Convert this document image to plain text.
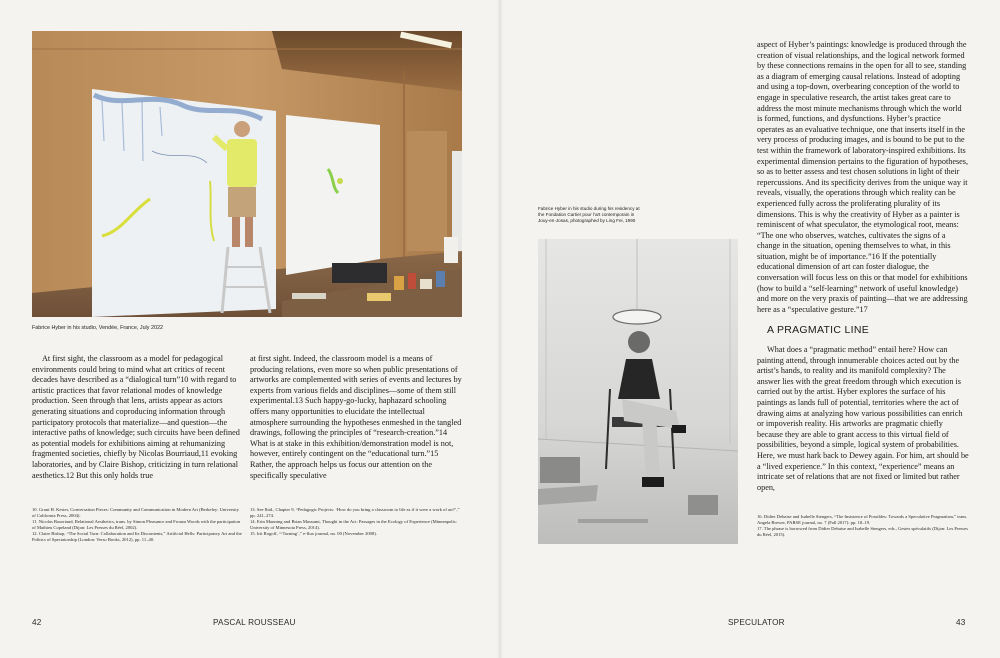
Fabrice Hyber in his studio, Vendée, France, July 2022

At first sight, the classroom as a model for pedagogical environments could bring to mind what art critics of recent decades have described as a “dialogical turn”10 with regard to artistic practices that favor relational modes of knowledge production. Seen through that lens, artists appear as actors generating situations and coproducing information through participatory protocols that materialize—and question—the interactive paths of knowledge; such circuits have been defined as potential models for exhibitions aiming at rehumanizing fragmented societies, chiefly by Nicolas Bourriaud,11 evoking laboratories, and by Claire Bishop, criticizing in turn relational aesthetics.12 But this only holds true

at first sight. Indeed, the classroom model is a means of producing relations, even more so when public presentations of artworks are complemented with series of events and lectures by experts from various fields and disciplines—some of them still experimental.13 Such happy-go-lucky, haphazard schooling offers many opportunities to elucidate the intellectual atmosphere surrounding the hypotheses enmeshed in the tangled drawings, following the principles of “research-creation.”14 What is at stake in this exhibition/demonstration model is not, however, entirely contingent on the “educational turn.”15 Rather, the approach helps us focus our attention on the specifically speculative

10. Grant H. Kester, Conversation Pieces: Community and Communication in Modern Art (Berkeley: University of California Press, 2004).

11. Nicolas Bourriaud, Relational Aesthetics, trans. by Simon Pleasance and Fronza Woods with the participation of Mathieu Copeland (Dijon: Les Presses du Réel, 2002).

12. Claire Bishop, “The Social Turn: Collaboration and Its Discontents,” Artificial Hells: Participatory Art and the Politics of Spectatorship (London: Verso Books, 2012), pp. 11–40.

13. See Ibid., Chapter 9, “Pedagogic Projects: ‘How do you bring a classroom to life as if it were a work of art?’,” pp. 241–274.

14. Erin Manning and Brian Massumi, Thought in the Act: Passages in the Ecology of Experience (Minneapolis: University of Minnesota Press, 2014).

15. Irit Rogoff, “‘Turning’,” e-flux journal, no. 00 (November 2008).

42	PASCAL ROUSSEAU
Fabrice Hyber in his studio during his residency at the Fondation Cartier pour l’art contemporain in Jouy-en-Josas, photographed by Ling Fei, 1990

aspect of Hyber’s paintings: knowledge is produced through the creation of visual relationships, and the logical network formed by these connections remains in the open for all to see, standing as a diagram of emerging causal relations. Instead of adopting and using a top-down, overbearing conception of the world to engage in speculative research, the artist takes great care to address the most minute mechanisms through which the world is formed, functions, and dysfunctions. Hyber’s practice operates as an evaluative technique, one that inserts itself in the very process of producing images, and is bound to be put to the test within the framework of laboratory-inspired exhibitions. Its experimental dimension pertains to the figuration of hypotheses, so as to better assess and test chosen solutions in light of their repercussions. And its specificity derives from the unique way it reveals, visually, the operations through which reality can be experienced fully across the proliferating plurality of its dimensions. This is why the creativity of Hyber as a painter is reminiscent of what speculator, the etymological root, means: “The one who observes, watches, cultivates the signs of a change in the situation, opening themselves to what, in this situation, might be of importance.”16 If the potentially educational dimension of art can foster dialogue, the conversation will focus less on this or that model for exhibitions (how to build a “self-learning” network of useful knowledge) and more on the very praxis of painting—that we are addressing here as a “speculative gesture.”17

A PRAGMATIC LINE

What does a “pragmatic method” entail here? How can painting attend, through innumerable choices acted out by the artist’s hands, to reality and its manifold complexity? The answer lies with the great freedom through which execution is carried out by the artist. Hyber explores the surface of his paintings as lands full of potential, territories where the act of drawing aims at analyzing how various possibilities can enrich or impoverish reality. His artworks are pragmatic chiefly because they are able to grant access to this virtual field of possibilities, beyond a simple, logical system of probabilities. Here, we must hark back to Dewey again. For him, art should be a “lived experience.” In this context, “experience” means an intricate set of relations that are not fixed or limited but rather open,

16. Didier Debaise and Isabelle Stengers, “The Insistence of Possibles: Towards a Speculative Pragmatism,” trans. Angela Brewer, PARSE journal, no. 7 (Fall 2017): pp. 18–19.

17. The phrase is borrowed from Didier Debaise and Isabelle Stengers, eds., Gestes spéculatifs (Dijon: Les Presses du Réel, 2015).

SPECULATOR	43
